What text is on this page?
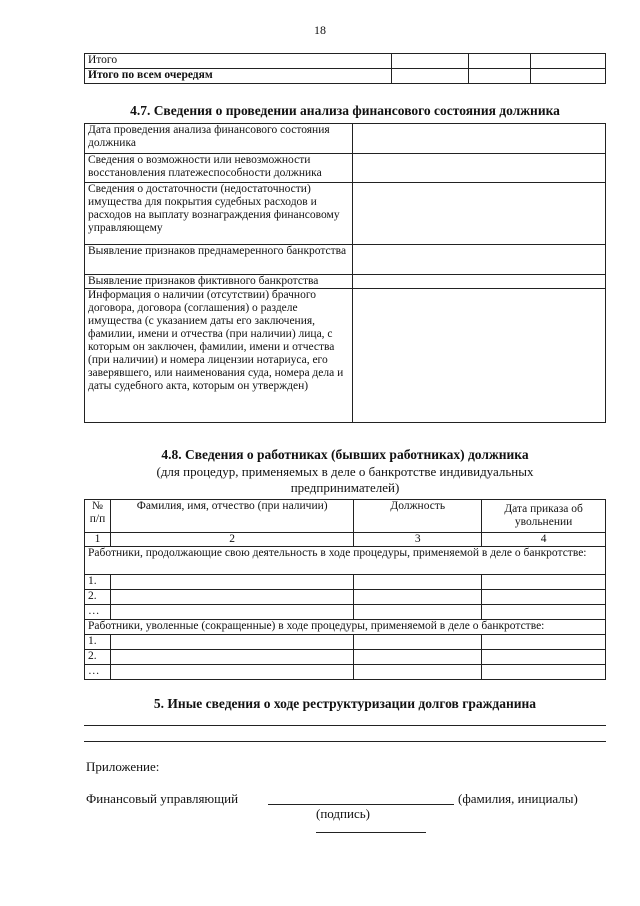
18
Итого			
Итого по всем очередям			
4.7. Сведения о проведении анализа финансового состояния должника
Дата проведения анализа финансового состояния должника	
Сведения о возможности или невозможности восстановления платежеспособности должника	
Сведения о достаточности (недостаточности) имущества для покрытия судебных расходов и расходов на выплату вознаграждения финансовому управляющему	
Выявление признаков преднамеренного банкротства	
Выявление признаков фиктивного банкротства	
Информация о наличии (отсутствии) брачного договора, договора (соглашения) о разделе имущества (с указанием даты его заключения, фамилии, имени и отчества (при наличии) лица, с которым он заключен, фамилии, имени и отчества (при наличии) и номера лицензии нотариуса, его заверявшего, или наименования суда, номера дела и даты судебного акта, которым он утвержден)	
4.8. Сведения о работниках (бывших работниках) должника
(для процедур, применяемых в деле о банкротстве индивидуальных предпринимателей)
№ п/п	Фамилия, имя, отчество (при наличии)	Должность	Дата приказа об увольнении
1	2	3	4
Работники, продолжающие свою деятельность в ходе процедуры, применяемой в деле о банкротстве:			
1.			
2.			
…			
Работники, уволенные (сокращенные) в ходе процедуры, применяемой в деле о банкротстве:			
1.			
2.			
…			
5. Иные сведения о ходе реструктуризации долгов гражданина
Приложение:
Финансовый управляющий	(фамилия, инициалы)
(подпись)
